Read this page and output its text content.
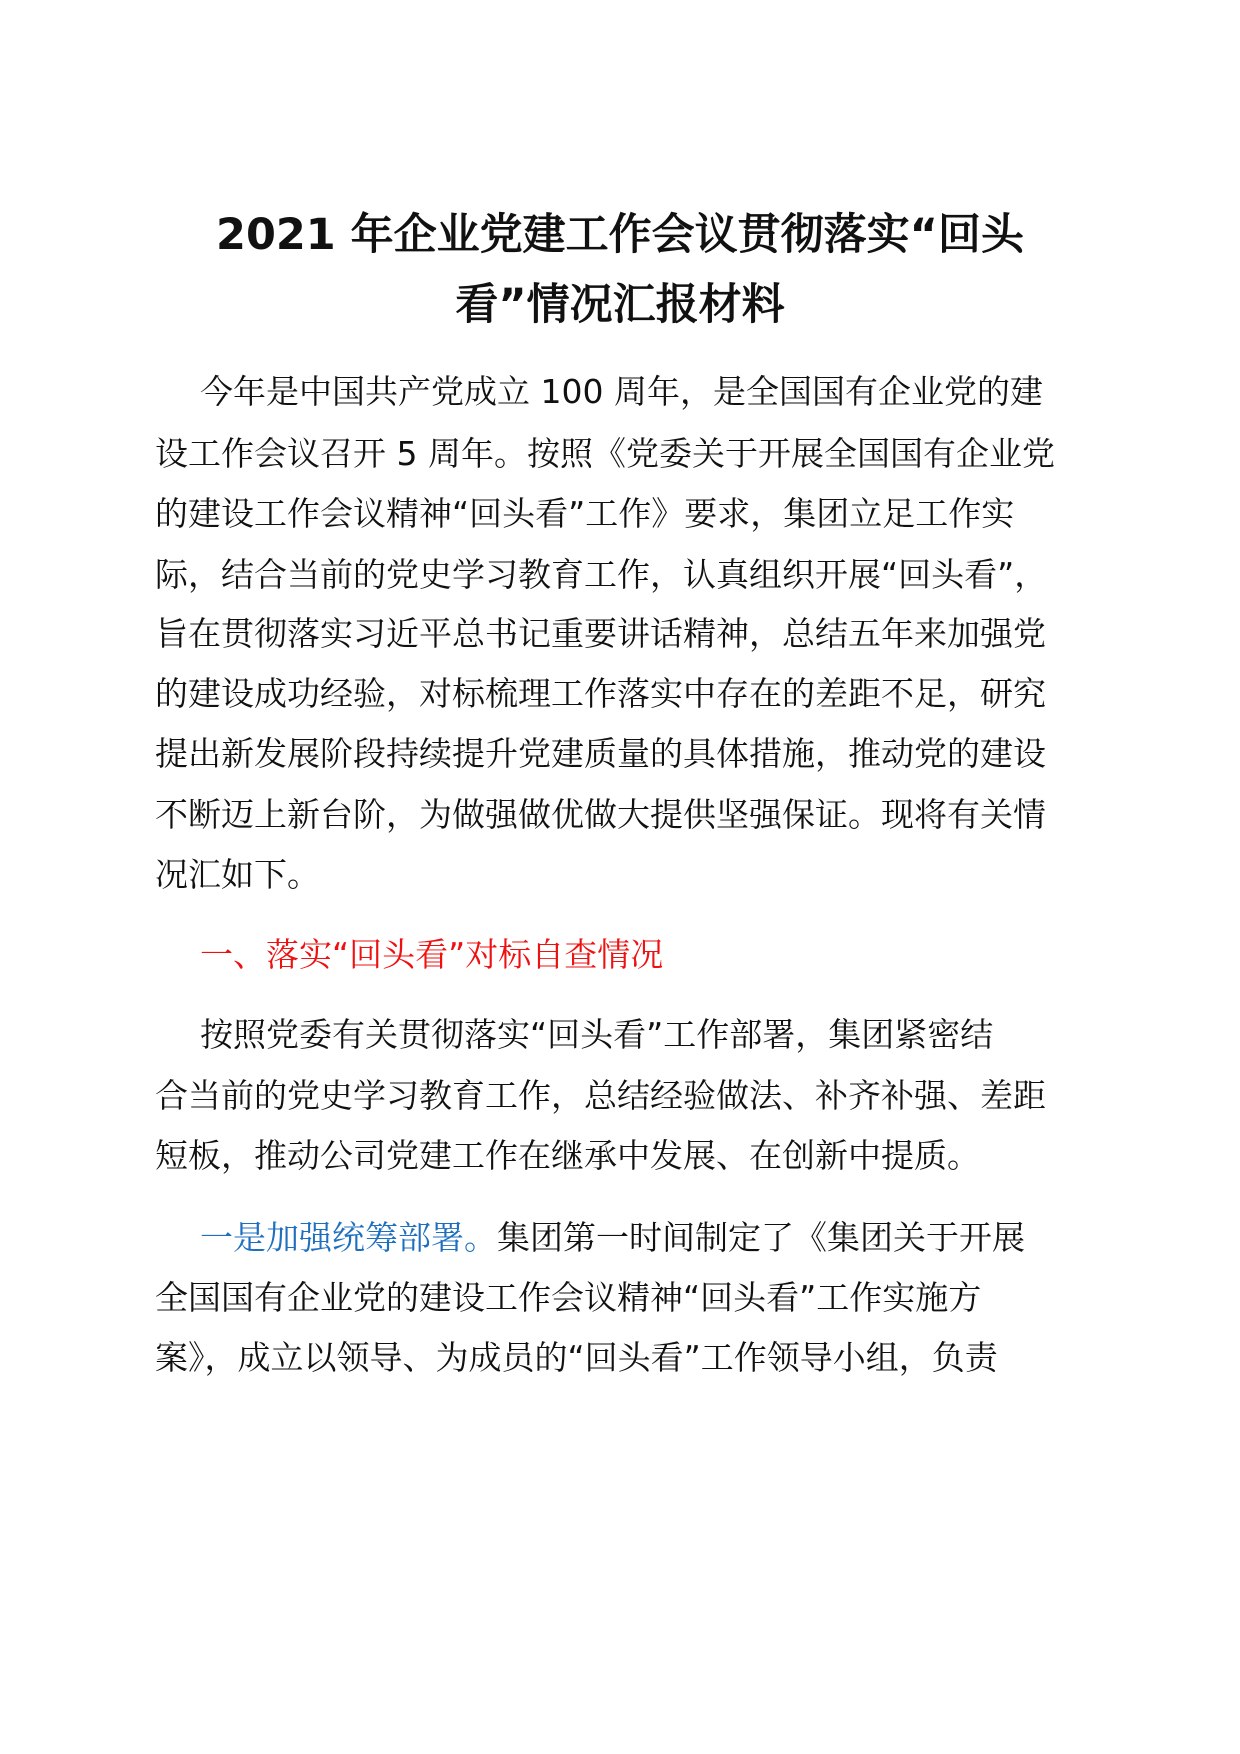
2021 年企业党建工作会议贯彻落实“回头
看”情况汇报材料
今年是中国共产党成立 100 周年，是全国国有企业党的建
设工作会议召开 5 周年。按照《党委关于开展全国国有企业党
的建设工作会议精神“回头看”工作》要求，集团立足工作实
际，结合当前的党史学习教育工作，认真组织开展“回头看”，
旨在贯彻落实习近平总书记重要讲话精神，总结五年来加强党
的建设成功经验，对标梳理工作落实中存在的差距不足，研究
提出新发展阶段持续提升党建质量的具体措施，推动党的建设
不断迈上新台阶，为做强做优做大提供坚强保证。现将有关情
况汇如下。
一、落实“回头看”对标自查情况
按照党委有关贯彻落实“回头看”工作部署，集团紧密结
合当前的党史学习教育工作，总结经验做法、补齐补强、差距
短板，推动公司党建工作在继承中发展、在创新中提质。
一是加强统筹部署。集团第一时间制定了《集团关于开展
全国国有企业党的建设工作会议精神“回头看”工作实施方
案》，成立以领导、为成员的“回头看”工作领导小组，负责
